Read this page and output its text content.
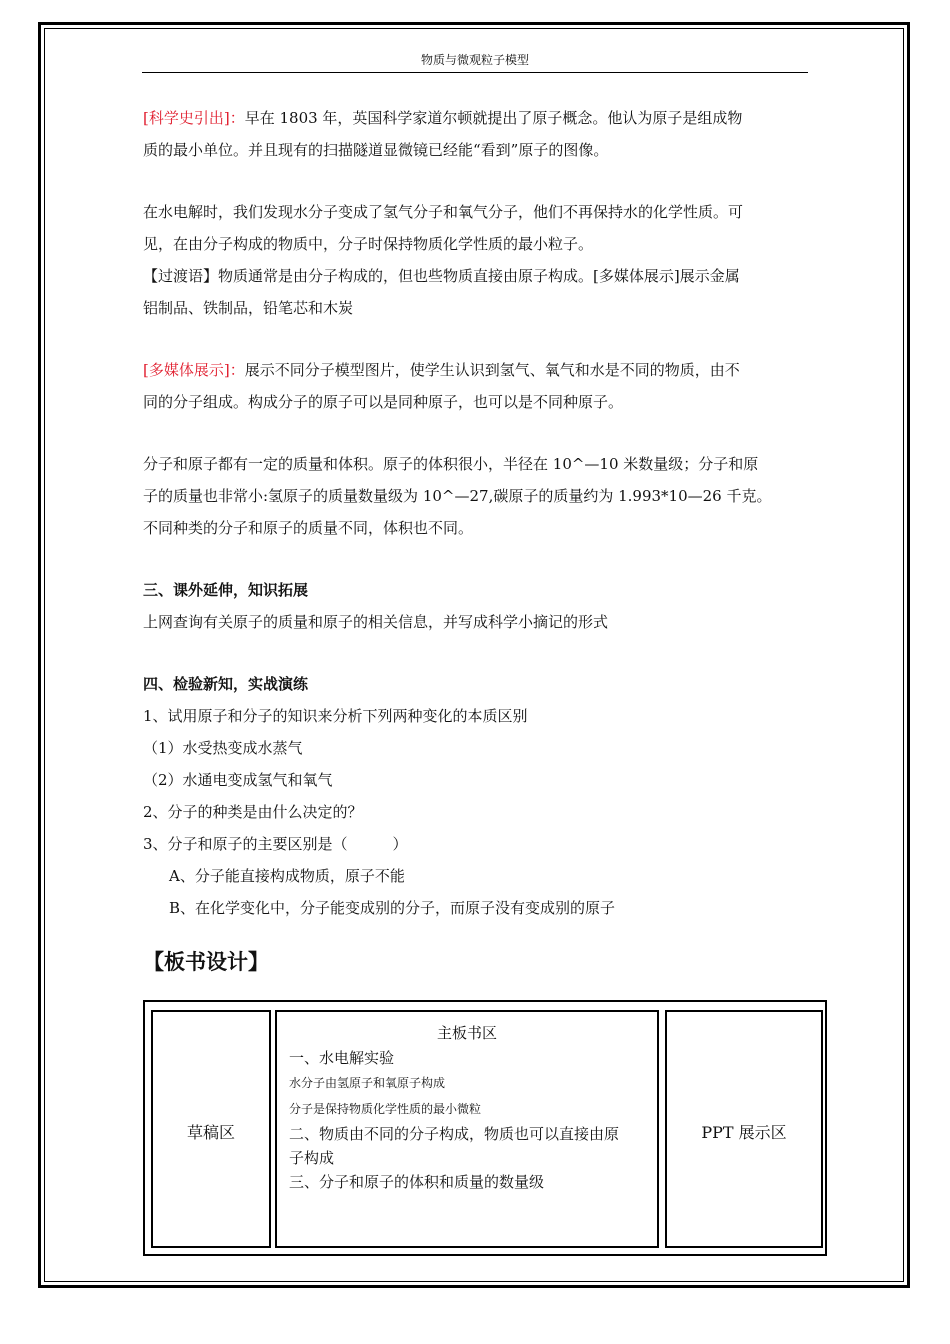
物质与微观粒子模型

[科学史引出]：早在 1803 年，英国科学家道尔顿就提出了原子概念。他认为原子是组成物

质的最小单位。并且现有的扫描隧道显微镜已经能“看到”原子的图像。

在水电解时，我们发现水分子变成了氢气分子和氧气分子，他们不再保持水的化学性质。可

见，在由分子构成的物质中，分子时保持物质化学性质的最小粒子。

【过渡语】物质通常是由分子构成的，但也些物质直接由原子构成。[多媒体展示]展示金属

铝制品、铁制品，铅笔芯和木炭

[多媒体展示]：展示不同分子模型图片，使学生认识到氢气、氧气和水是不同的物质，由不

同的分子组成。构成分子的原子可以是同种原子，也可以是不同种原子。

分子和原子都有一定的质量和体积。原子的体积很小，半径在 10^—10 米数量级；分子和原

子的质量也非常小:氢原子的质量数量级为 10^—27,碳原子的质量约为 1.993*10—26 千克。

不同种类的分子和原子的质量不同，体积也不同。

三、课外延伸，知识拓展

上网查询有关原子的质量和原子的相关信息，并写成科学小摘记的形式

四、检验新知，实战演练

1、试用原子和分子的知识来分析下列两种变化的本质区别

（1）水受热变成水蒸气

（2）水通电变成氢气和氧气

2、分子的种类是由什么决定的？

3、分子和原子的主要区别是（　　　）

A、分子能直接构成物质，原子不能

B、在化学变化中，分子能变成别的分子，而原子没有变成别的原子

【板书设计】
草稿区
主板书区
一、水电解实验
水分子由氢原子和氧原子构成
分子是保持物质化学性质的最小微粒
二、物质由不同的分子构成，物质也可以直接由原
子构成
三、分子和原子的体积和质量的数量级
PPT 展示区
